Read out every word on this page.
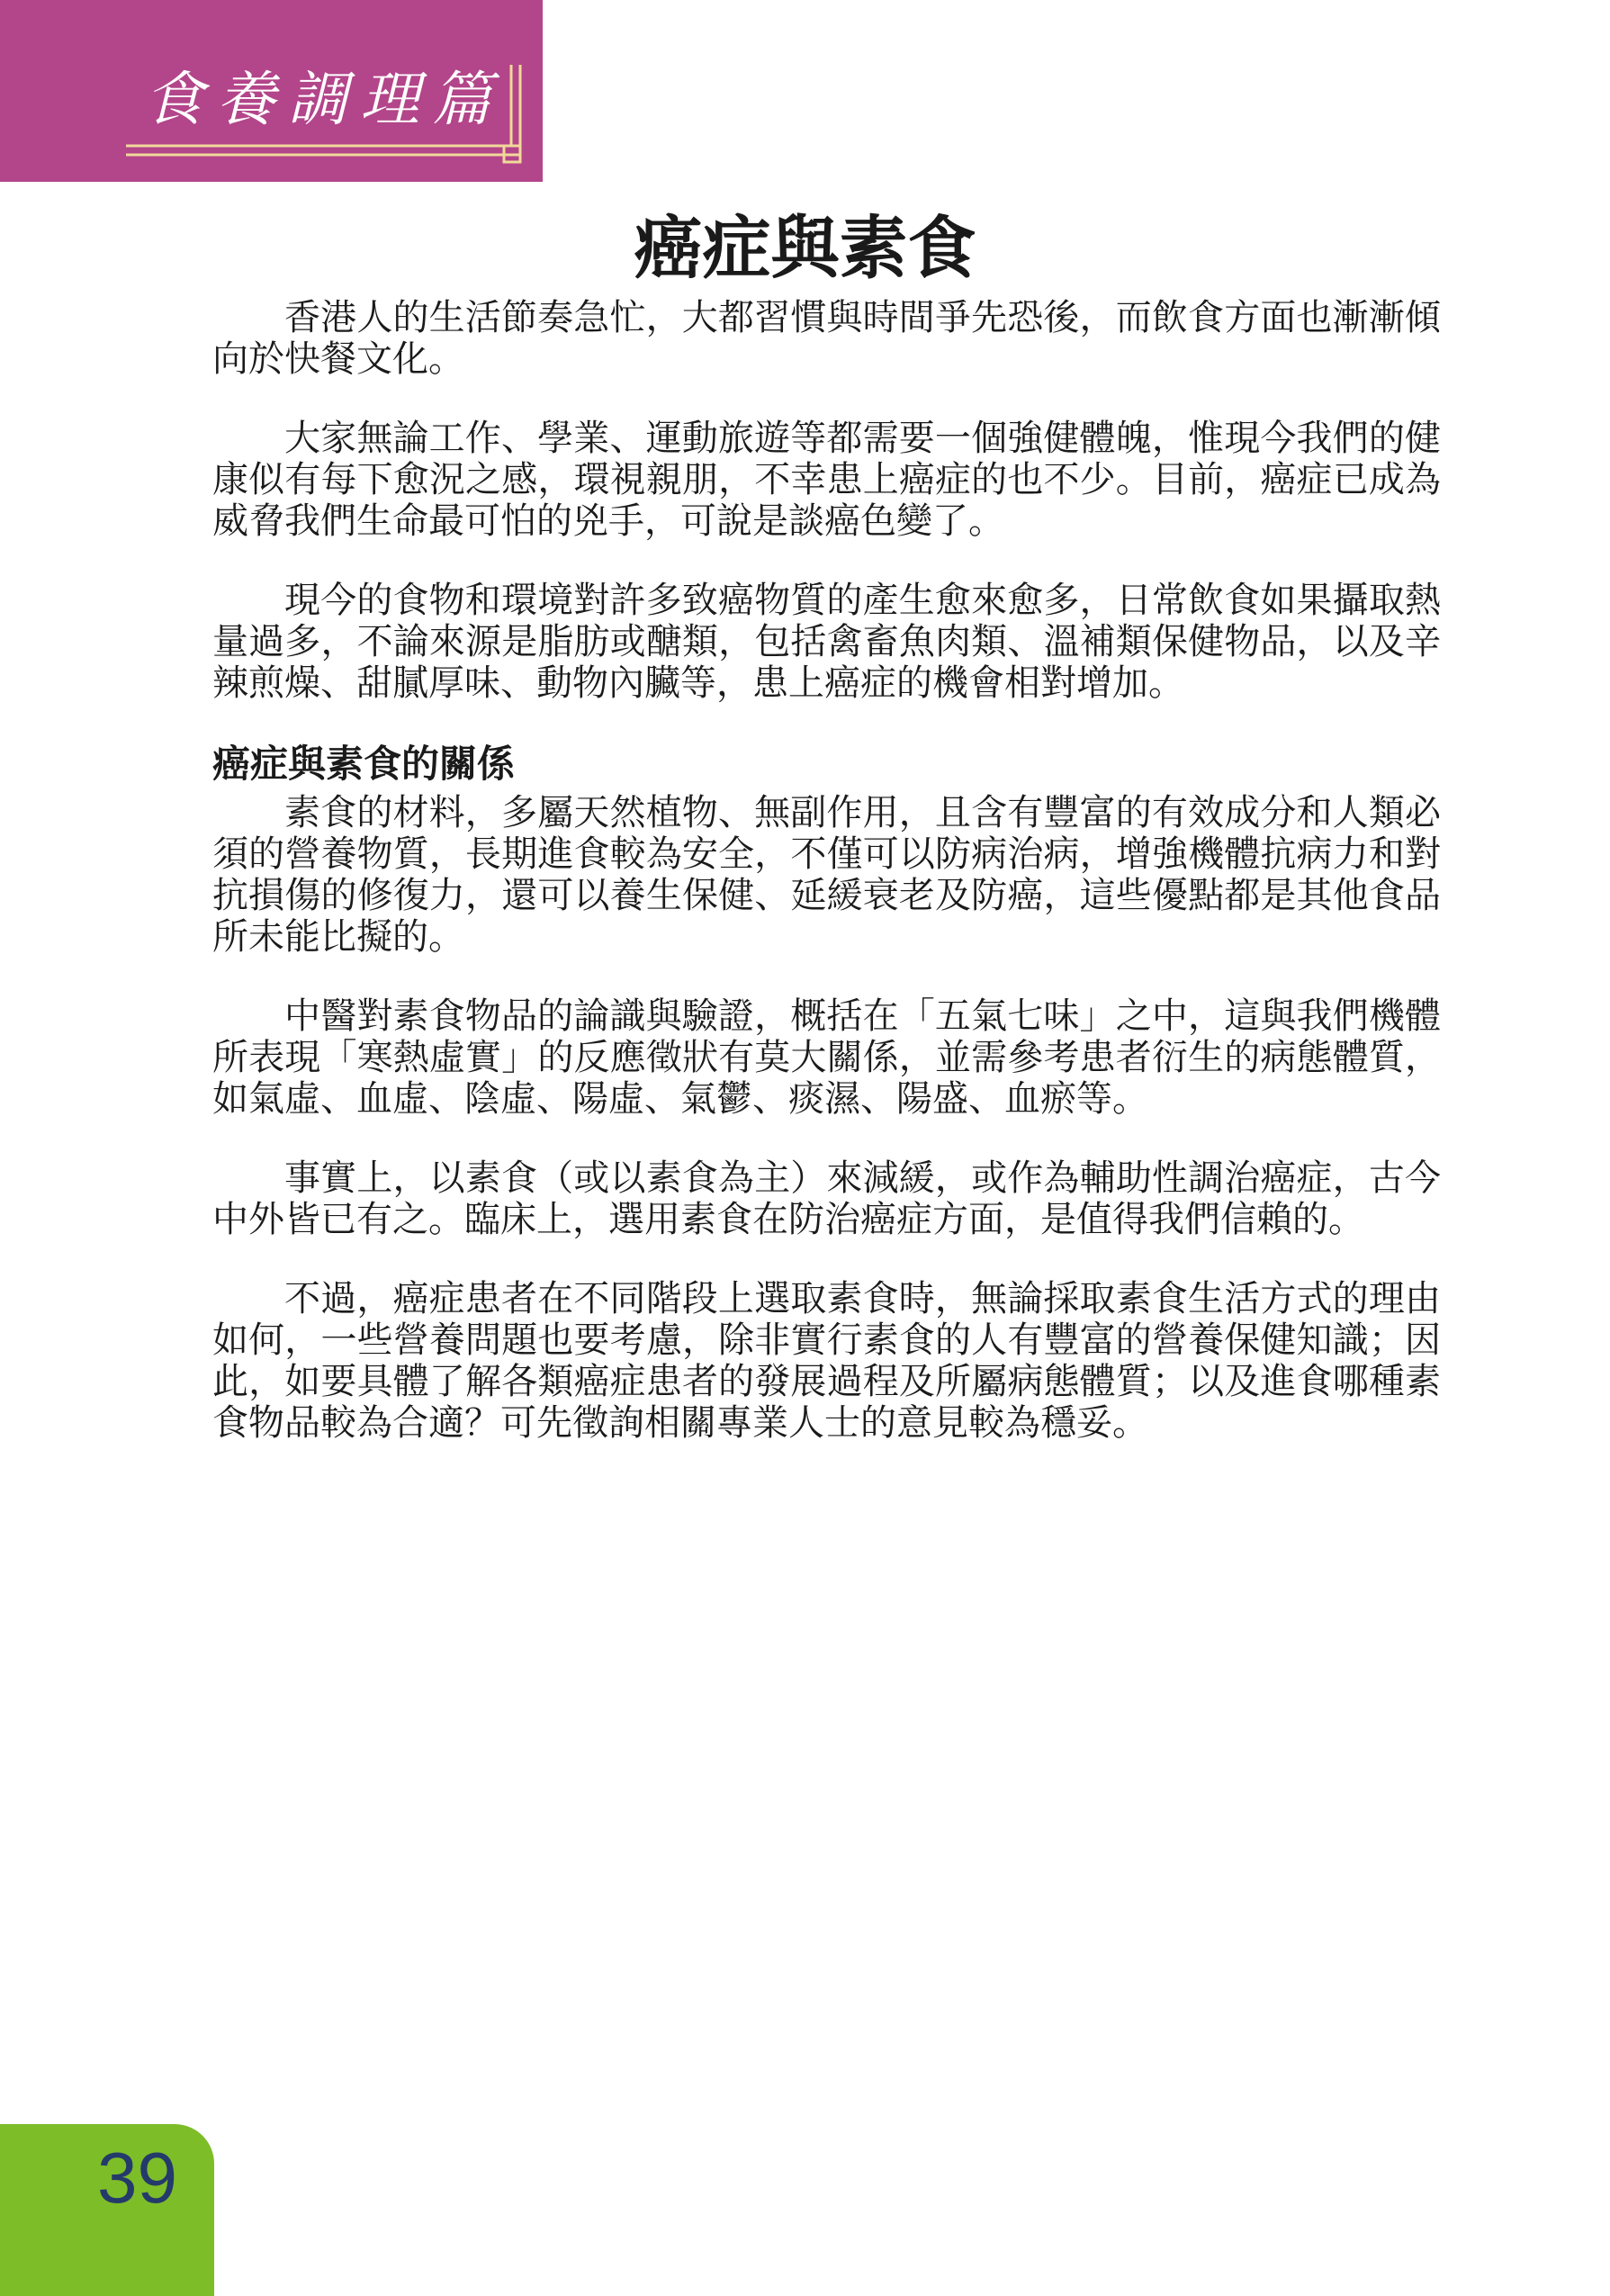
食養調理篇
癌症與素食

香港人的生活節奏急忙，大都習慣與時間爭先恐後，而飲食方面也漸漸傾向於快餐文化。

大家無論工作、學業、運動旅遊等都需要一個強健體魄，惟現今我們的健康似有每下愈況之感，環視親朋，不幸患上癌症的也不少。目前，癌症已成為威脅我們生命最可怕的兇手，可說是談癌色變了。

現今的食物和環境對許多致癌物質的產生愈來愈多，日常飲食如果攝取熱量過多，不論來源是脂肪或醣類，包括禽畜魚肉類、溫補類保健物品，以及辛辣煎燥、甜膩厚味、動物內臟等，患上癌症的機會相對增加。

癌症與素食的關係

素食的材料，多屬天然植物、無副作用，且含有豐富的有效成分和人類必須的營養物質，長期進食較為安全，不僅可以防病治病，增強機體抗病力和對抗損傷的修復力，還可以養生保健、延緩衰老及防癌，這些優點都是其他食品所未能比擬的。

中醫對素食物品的論識與驗證，概括在「五氣七味」之中，這與我們機體所表現「寒熱虛實」的反應徵狀有莫大關係，並需參考患者衍生的病態體質，如氣虛、血虛、陰虛、陽虛、氣鬱、痰濕、陽盛、血瘀等。

事實上，以素食（或以素食為主）來減緩，或作為輔助性調治癌症，古今中外皆已有之。臨床上，選用素食在防治癌症方面，是值得我們信賴的。

不過，癌症患者在不同階段上選取素食時，無論採取素食生活方式的理由如何，一些營養問題也要考慮，除非實行素食的人有豐富的營養保健知識；因此，如要具體了解各類癌症患者的發展過程及所屬病態體質；以及進食哪種素食物品較為合適？可先徵詢相關專業人士的意見較為穩妥。

39
